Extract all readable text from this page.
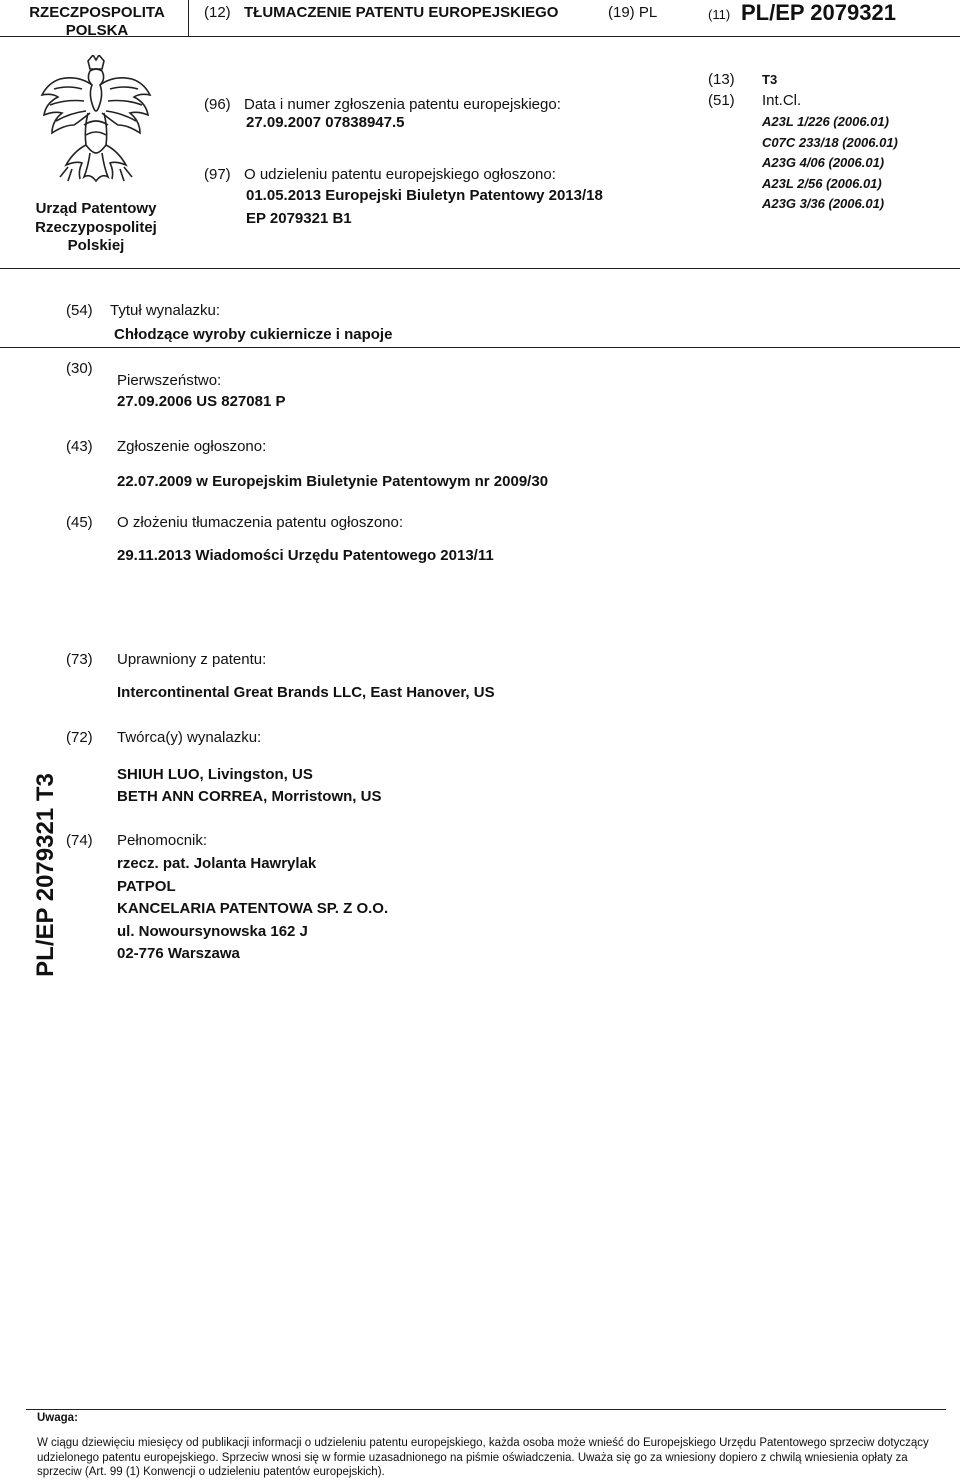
RZECZPOSPOLITA
POLSKA
(12) TŁUMACZENIE PATENTU EUROPEJSKIEGO	(19) PL	(11) PL/EP 2079321
Urząd Patentowy
Rzeczypospolitej
Polskiej
(96) Data i numer zgłoszenia patentu europejskiego:
27.09.2007 07838947.5
(97) O udzieleniu patentu europejskiego ogłoszono:
01.05.2013 Europejski Biuletyn Patentowy 2013/18
EP 2079321 B1
(13) T3
(51) Int.Cl.
A23L 1/226 (2006.01)
C07C 233/18 (2006.01)
A23G 4/06 (2006.01)
A23L 2/56 (2006.01)
A23G 3/36 (2006.01)
(54) Tytuł wynalazku:
Chłodzące wyroby cukiernicze i napoje
(30)
Pierwszeństwo:
27.09.2006 US 827081 P
(43) Zgłoszenie ogłoszono:
22.07.2009 w Europejskim Biuletynie Patentowym nr 2009/30
(45) O złożeniu tłumaczenia patentu ogłoszono:
29.11.2013 Wiadomości Urzędu Patentowego 2013/11
(73) Uprawniony z patentu:
Intercontinental Great Brands LLC, East Hanover, US
(72) Twórca(y) wynalazku:
SHIUH LUO, Livingston, US
BETH ANN CORREA, Morristown, US
(74) Pełnomocnik:
rzecz. pat. Jolanta Hawrylak
PATPOL
KANCELARIA PATENTOWA SP. Z O.O.
ul. Nowoursynowska 162 J
02-776 Warszawa
PL/EP 2079321 T3
Uwaga:
W ciągu dziewięciu miesięcy od publikacji informacji o udzieleniu patentu europejskiego, każda osoba może wnieść do Europejskiego Urzędu Patentowego sprzeciw dotyczący udzielonego patentu europejskiego. Sprzeciw wnosi się w formie uzasadnionego na piśmie oświadczenia. Uważa się go za wniesiony dopiero z chwilą wniesienia opłaty za sprzeciw (Art. 99 (1) Konwencji o udzieleniu patentów europejskich).
